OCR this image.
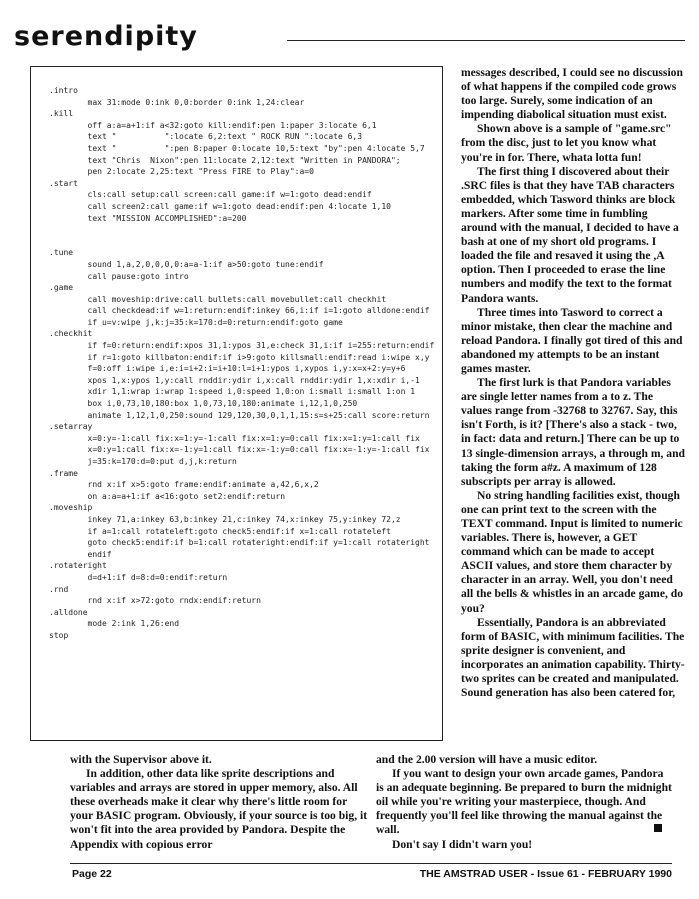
serendipity
.intro
max 31:mode 0:ink 0,0:border 0:ink 1,24:clear
.kill
off a:a=a+1:if a<32:goto kill:endif:pen 1:paper 3:locate 6,1
text "          ":locate 6,2:text " ROCK RUN ":locate 6,3
text "          ":pen 8:paper 0:locate 10,5:text "by":pen 4:locate 5,7
text "Chris  Nixon":pen 11:locate 2,12:text "Written in PANDORA";
pen 2:locate 2,25:text "Press FIRE to Play":a=0
.start
cls:call setup:call screen:call game:if w=1:goto dead:endif
call screen2:call game:if w=1:goto dead:endif:pen 4:locate 1,10
text "MISSION ACCOMPLISHED":a=200
.tune
sound 1,a,2,0,0,0,0:a=a-1:if a>50:goto tune:endif
call pause:goto intro
.game
call moveship:drive:call bullets:call movebullet:call checkhit
call checkdead:if w=1:return:endif:inkey 66,i:if i=1:goto alldone:endif
if u=v:wipe j,k:j=35:k=170:d=0:return:endif:goto game
.checkhit
if f=0:return:endif:xpos 31,1:ypos 31,e:check 31,i:if i=255:return:endif
if r=1:goto killbaton:endif:if i>9:goto killsmall:endif:read i:wipe x,y
f=0:off i:wipe i,e:i=i+2:i=i+10:l=i+1:ypos i,xypos i,y:x=x+2:y=y+6
xpos 1,x:ypos 1,y:call rnddir:ydir i,x:call rnddir:ydir 1,x:xdir i,-1
xdir 1,1:wrap i:wrap 1:speed i,0:speed 1,0:on i:small i:small 1:on 1
box i,0,73,10,180:box 1,0,73,10,180:animate i,12,1,0,250
animate 1,12,1,0,250:sound 129,120,30,0,1,1,15:s=s+25:call score:return
.setarray
x=0:y=-1:call fix:x=1:y=-1:call fix:x=1:y=0:call fix:x=1:y=1:call fix
x=0:y=1:call fix:x=-1:y=1:call fix:x=-1:y=0:call fix:x=-1:y=-1:call fix
j=35:k=170:d=0:put d,j,k:return
.frame
rnd x:if x>5:goto frame:endif:animate a,42,6,x,2
on a:a=a+1:if a<16:goto set2:endif:return
.moveship
inkey 71,a:inkey 63,b:inkey 21,c:inkey 74,x:inkey 75,y:inkey 72,z
if a=1:call rotateleft:goto check5:endif:if x=1:call rotateleft
goto check5:endif:if b=1:call rotateright:endif:if y=1:call rotateright
endif
.rotateright
d=d+1:if d=8:d=0:endif:return
.rnd
rnd x:if x>72:goto rndx:endif:return
.alldone
mode 2:ink 1,26:end
stop

messages described, I could see no discussion of what happens if the compiled code grows too large. Surely, some indication of an impending diabolical situation must exist.

Shown above is a sample of "game.src" from the disc, just to let you know what you're in for. There, whata lotta fun!

The first thing I discovered about their .SRC files is that they have TAB characters embedded, which Tasword thinks are block markers. After some time in fumbling around with the manual, I decided to have a bash at one of my short old programs. I loaded the file and resaved it using the ,A option. Then I proceeded to erase the line numbers and modify the text to the format Pandora wants.

Three times into Tasword to correct a minor mistake, then clear the machine and reload Pandora. I finally got tired of this and abandoned my attempts to be an instant games master.

The first lurk is that Pandora variables are single letter names from a to z. The values range from -32768 to 32767. Say, this isn't Forth, is it? [There's also a stack - two, in fact: data and return.] There can be up to 13 single-dimension arrays, a through m, and taking the form a#z. A maximum of 128 subscripts per array is allowed.

No string handling facilities exist, though one can print text to the screen with the TEXT command. Input is limited to numeric variables. There is, however, a GET command which can be made to accept ASCII values, and store them character by character in an array. Well, you don't need all the bells & whistles in an arcade game, do you?

Essentially, Pandora is an abbreviated form of BASIC, with minimum facilities. The sprite designer is convenient, and incorporates an animation capability. Thirty-two sprites can be created and manipulated. Sound generation has also been catered for,

with the Supervisor above it.

In addition, other data like sprite descriptions and variables and arrays are stored in upper memory, also. All these overheads make it clear why there's little room for your BASIC program. Obviously, if your source is too big, it won't fit into the area provided by Pandora. Despite the Appendix with copious error

and the 2.00 version will have a music editor.

If you want to design your own arcade games, Pandora is an adequate beginning. Be prepared to burn the midnight oil while you're writing your masterpiece, though. And frequently you'll feel like throwing the manual against the wall.

Don't say I didn't warn you!

Page 22	THE AMSTRAD USER - Issue 61 - FEBRUARY 1990
